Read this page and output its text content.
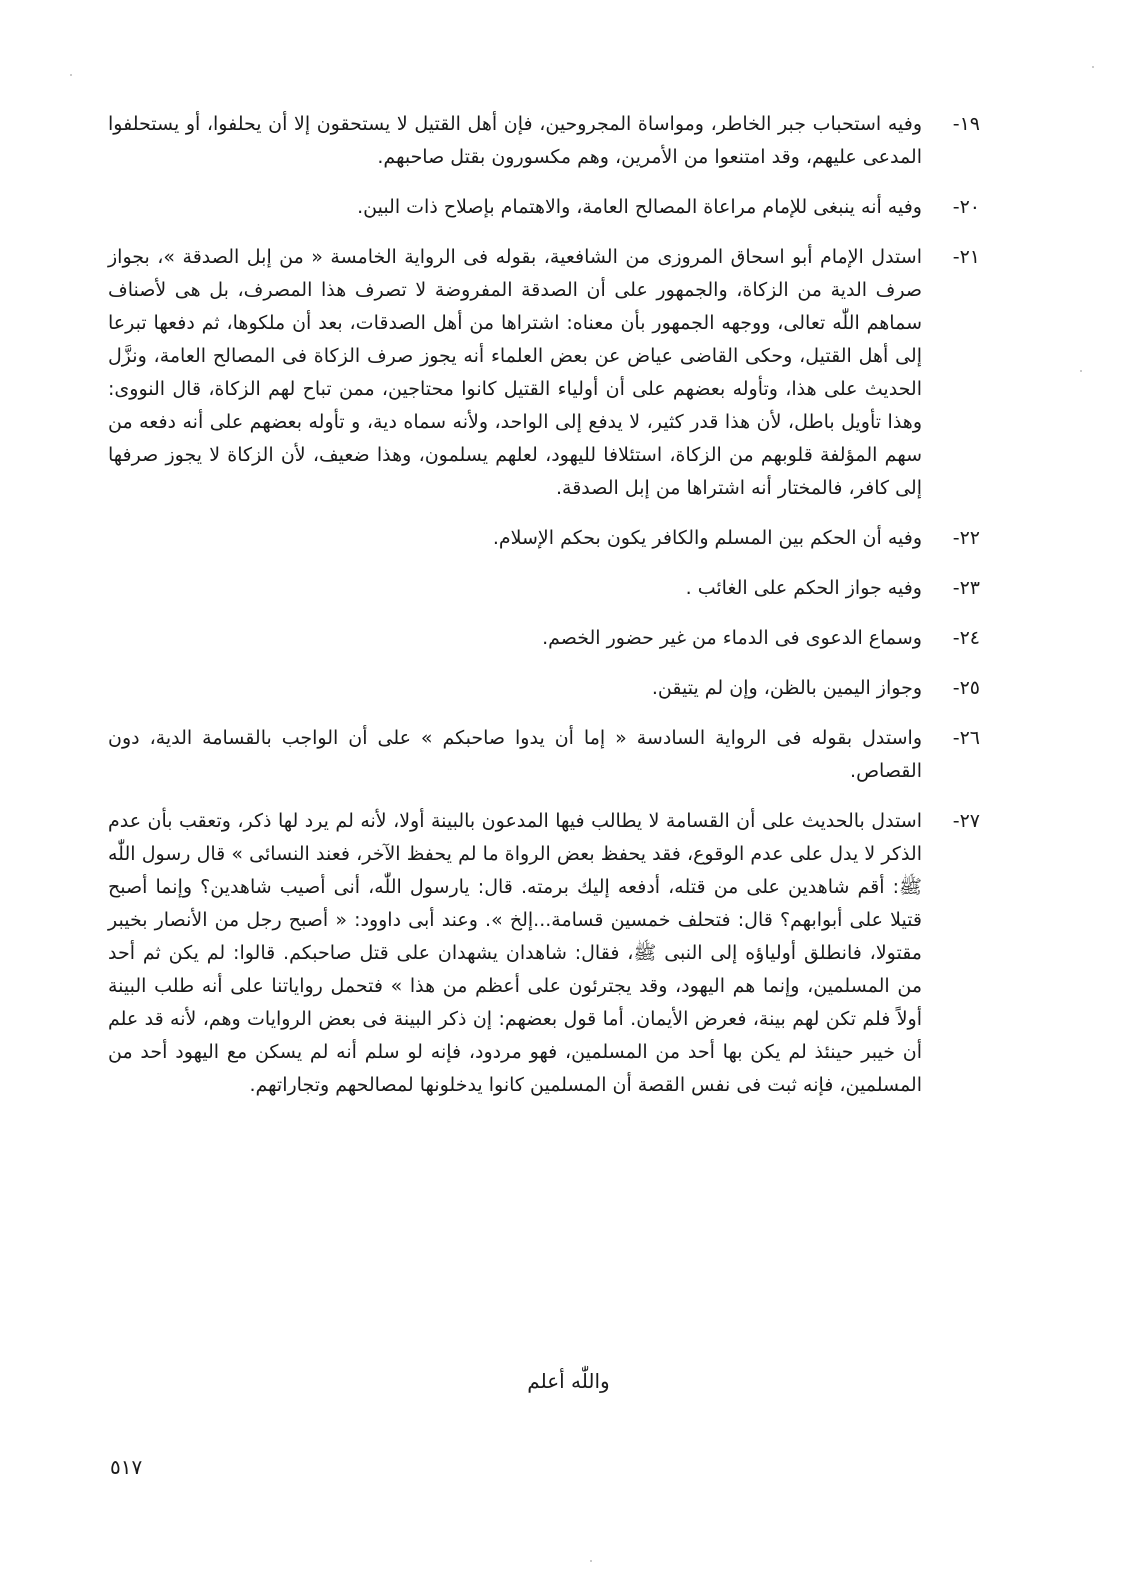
١٩-
وفيه استحباب جبر الخاطر، ومواساة المجروحين، فإن أهل القتيل لا يستحقون إلا أن يحلفوا، أو يستحلفوا المدعى عليهم، وقد امتنعوا من الأمرين، وهم مكسورون بقتل صاحبهم.
٢٠-
وفيه أنه ينبغى للإمام مراعاة المصالح العامة، والاهتمام بإصلاح ذات البين.
٢١-
استدل الإمام أبو اسحاق المروزى من الشافعية، بقوله فى الرواية الخامسة « من إبل الصدقة »، بجواز صرف الدية من الزكاة، والجمهور على أن الصدقة المفروضة لا تصرف هذا المصرف، بل هى لأصناف سماهم اللّٰه تعالى، ووجهه الجمهور بأن معناه: اشتراها من أهل الصدقات، بعد أن ملكوها، ثم دفعها تبرعا إلى أهل القتيل، وحكى القاضى عياض عن بعض العلماء أنه يجوز صرف الزكاة فى المصالح العامة، ونزَّل الحديث على هذا، وتأوله بعضهم على أن أولياء القتيل كانوا محتاجين، ممن تباح لهم الزكاة، قال النووى: وهذا تأويل باطل، لأن هذا قدر كثير، لا يدفع إلى الواحد، ولأنه سماه دية، و تأوله بعضهم على أنه دفعه من سهم المؤلفة قلوبهم من الزكاة، استئلافا لليهود، لعلهم يسلمون، وهذا ضعيف، لأن الزكاة لا يجوز صرفها إلى كافر، فالمختار أنه اشتراها من إبل الصدقة.
٢٢-
وفيه أن الحكم بين المسلم والكافر يكون بحكم الإسلام.
٢٣-
وفيه جواز الحكم على الغائب .
٢٤-
وسماع الدعوى فى الدماء من غير حضور الخصم.
٢٥-
وجواز اليمين بالظن، وإن لم يتيقن.
٢٦-
واستدل بقوله فى الرواية السادسة « إما أن يدوا صاحبكم » على أن الواجب بالقسامة الدية، دون القصاص.
٢٧-
استدل بالحديث على أن القسامة لا يطالب فيها المدعون بالبينة أولا، لأنه لم يرد لها ذكر، وتعقب بأن عدم الذكر لا يدل على عدم الوقوع، فقد يحفظ بعض الرواة ما لم يحفظ الآخر، فعند النسائى » قال رسول اللّٰه ﷺ: أقم شاهدين على من قتله، أدفعه إليك برمته. قال: يارسول اللّٰه، أنى أصيب شاهدين؟ وإنما أصبح قتيلا على أبوابهم؟ قال: فتحلف خمسين قسامة...إلخ ». وعند أبى داوود: « أصبح رجل من الأنصار بخيبر مقتولا، فانطلق أولياؤه إلى النبى ﷺ، فقال: شاهدان يشهدان على قتل صاحبكم. قالوا: لم يكن ثم أحد من المسلمين، وإنما هم اليهود، وقد يجترئون على أعظم من هذا » فتحمل رواياتنا على أنه طلب البينة أولاً فلم تكن لهم بينة، فعرض الأيمان. أما قول بعضهم: إن ذكر البينة فى بعض الروايات وهم، لأنه قد علم أن خيبر حينئذ لم يكن بها أحد من المسلمين، فهو مردود، فإنه لو سلم أنه لم يسكن مع اليهود أحد من المسلمين، فإنه ثبت فى نفس القصة أن المسلمين كانوا يدخلونها لمصالحهم وتجاراتهم.
واللّٰه أعلم
٥١٧
